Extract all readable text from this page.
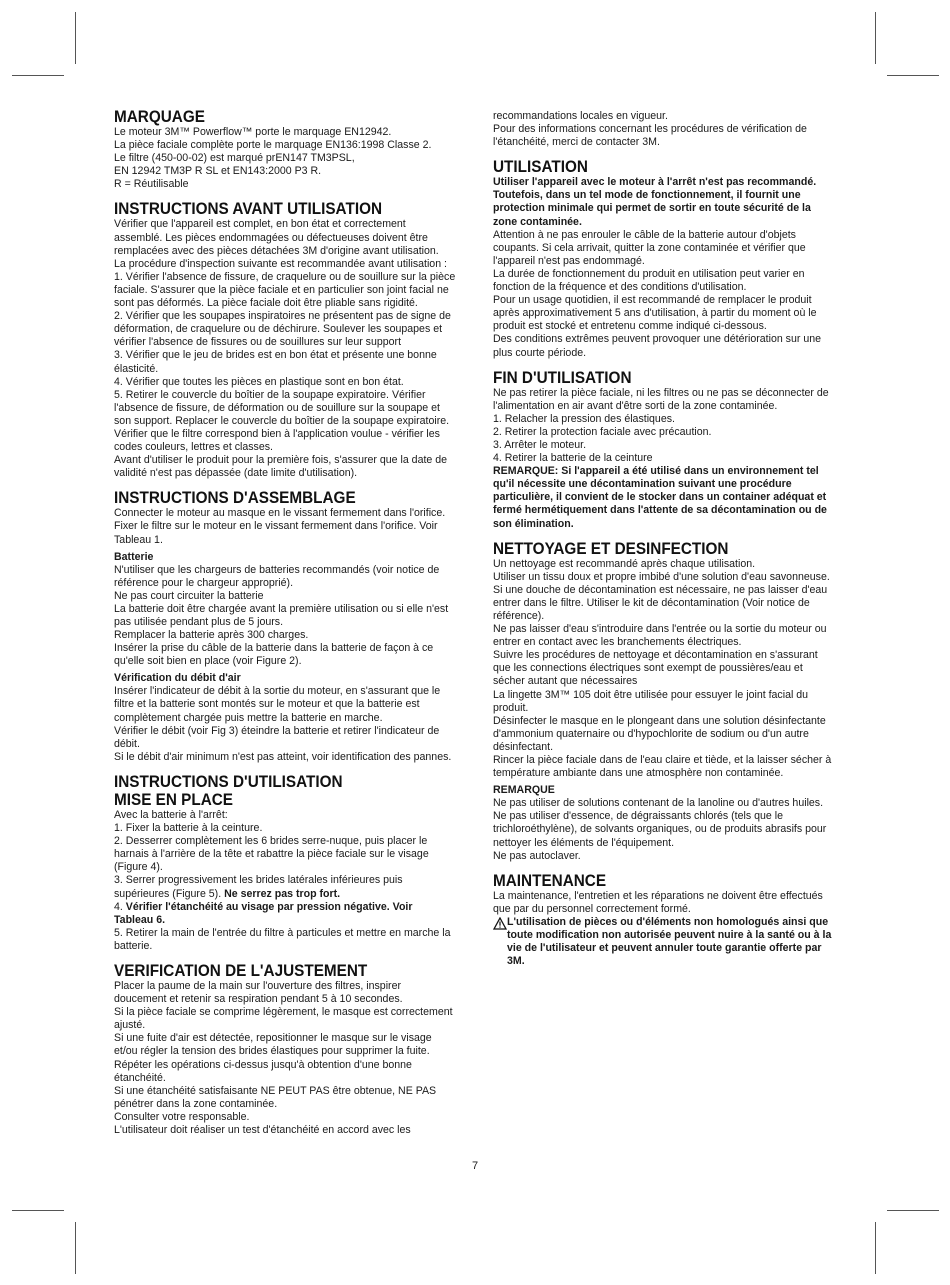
MARQUAGE

Le moteur 3M™ Powerflow™ porte le marquage EN12942.

La pièce faciale complète porte le marquage EN136:1998 Classe 2.

Le filtre (450-00-02) est marqué prEN147 TM3PSL,

EN 12942 TM3P R SL et EN143:2000 P3 R.

R = Réutilisable

INSTRUCTIONS AVANT UTILISATION

Vérifier que l'appareil est complet, en bon état et correctement

assemblé. Les pièces endommagées ou défectueuses doivent être

remplacées avec des pièces détachées 3M d'origine avant utilisation.

La procédure d'inspection suivante est recommandée avant utilisation :

1. Vérifier l'absence de fissure, de craquelure ou de souillure sur la pièce

faciale. S'assurer que la pièce faciale et en particulier son joint facial ne

sont pas déformés. La pièce faciale doit être pliable sans rigidité.

2. Vérifier que les soupapes inspiratoires ne présentent pas de signe de

déformation, de craquelure ou de déchirure. Soulever les soupapes et

vérifier l'absence de fissures ou de souillures sur leur support

3. Vérifier que le jeu de brides est en bon état et présente une bonne

élasticité.

4. Vérifier que toutes les pièces en plastique sont en bon état.

5. Retirer le couvercle du boîtier de la soupape expiratoire. Vérifier

l'absence de fissure, de déformation ou de souillure sur la soupape et

son support. Replacer le couvercle du boîtier de la soupape expiratoire.

Vérifier que le filtre correspond bien à l'application voulue - vérifier les

codes couleurs, lettres et classes.

Avant d'utiliser le produit pour la première fois, s'assurer que la date de

validité n'est pas dépassée (date limite d'utilisation).

INSTRUCTIONS D'ASSEMBLAGE

Connecter le moteur au masque en le vissant fermement dans l'orifice.

Fixer le filtre sur le moteur en le vissant fermement dans l'orifice. Voir

Tableau 1.

Batterie

N'utiliser que les chargeurs de batteries recommandés (voir notice de

référence pour le chargeur approprié).

Ne pas court circuiter la batterie

La batterie doit être chargée avant la première utilisation ou si elle n'est

pas utilisée pendant plus de 5 jours.

Remplacer la batterie après 300 charges.

Insérer la prise du câble de la batterie dans la batterie de façon à ce

qu'elle soit bien en place (voir Figure 2).

Vérification du débit d'air

Insérer l'indicateur de débit à la sortie du moteur, en s'assurant que le

filtre et la batterie sont montés sur le moteur et que la batterie est

complètement chargée puis mettre la batterie en marche.

Vérifier le débit (voir Fig 3) éteindre la batterie et retirer l'indicateur de

débit.

Si le débit d'air minimum n'est pas atteint, voir identification des pannes.

INSTRUCTIONS D'UTILISATION
MISE EN PLACE

Avec la batterie à l'arrêt:

1. Fixer la batterie à la ceinture.

2. Desserrer complètement les 6 brides serre-nuque, puis placer le

harnais à l'arrière de la tête et rabattre la pièce faciale sur le visage

(Figure 4).

3. Serrer progressivement les brides latérales inférieures puis

supérieures (Figure 5). Ne serrez pas trop fort.

4. Vérifier l'étanchéité au visage par pression négative. Voir

Tableau 6.

5. Retirer la main de l'entrée du filtre à particules et mettre en marche la

batterie.

VERIFICATION DE L'AJUSTEMENT

Placer la paume de la main sur l'ouverture des filtres, inspirer

doucement et retenir sa respiration pendant 5 à 10 secondes.

Si la pièce faciale se comprime légèrement, le masque est correctement

ajusté.

Si une fuite d'air est détectée, repositionner le masque sur le visage

et/ou régler la tension des brides élastiques pour supprimer la fuite.

Répéter les opérations ci-dessus jusqu'à obtention d'une bonne

étanchéité.

Si une étanchéité satisfaisante NE PEUT PAS être obtenue, NE PAS

pénétrer dans la zone contaminée.

Consulter votre responsable.

L'utilisateur doit réaliser un test d'étanchéité en accord avec les

recommandations locales en vigueur.

Pour des informations concernant les procédures de vérification de

l'étanchéité, merci de contacter 3M.

UTILISATION

Utiliser l'appareil avec le moteur à l'arrêt n'est pas recommandé.

Toutefois, dans un tel mode de fonctionnement, il fournit une

protection minimale qui permet de sortir en toute sécurité de la

zone contaminée.

Attention à ne pas enrouler le câble de la batterie autour d'objets

coupants. Si cela arrivait, quitter la zone contaminée et vérifier que

l'appareil n'est pas endommagé.

La durée de fonctionnement du produit en utilisation peut varier en

fonction de la fréquence et des conditions d'utilisation.

Pour un usage quotidien, il est recommandé de remplacer le produit

après approximativement 5 ans d'utilisation, à partir du moment où le

produit est stocké et entretenu comme indiqué ci-dessous.

Des conditions extrêmes peuvent provoquer une détérioration sur une

plus courte période.

FIN D'UTILISATION

Ne pas retirer la pièce faciale, ni les filtres ou ne pas se déconnecter de

l'alimentation en air avant d'être sorti de la zone contaminée.

1. Relacher la pression des élastiques.

2. Retirer la protection faciale avec précaution.

3. Arrêter le moteur.

4. Retirer la batterie de la ceinture

REMARQUE: Si l'appareil a été utilisé dans un environnement tel

qu'il nécessite une décontamination suivant une procédure

particulière, il convient de le stocker dans un container adéquat et

fermé hermétiquement dans l'attente de sa décontamination ou de

son élimination.

NETTOYAGE ET DESINFECTION

Un nettoyage est recommandé après chaque utilisation.

Utiliser un tissu doux et propre imbibé d'une solution d'eau savonneuse.

Si une douche de décontamination est nécessaire, ne pas laisser d'eau

entrer dans le filtre. Utiliser le kit de décontamination (Voir notice de

référence).

Ne pas laisser d'eau s'introduire dans l'entrée ou la sortie du moteur ou

entrer en contact avec les branchements électriques.

Suivre les procédures de nettoyage et décontamination en s'assurant

que les connections électriques sont exempt de poussières/eau et

sécher autant que nécessaires

La lingette 3M™ 105 doit être utilisée pour essuyer le joint facial du

produit.

Désinfecter le masque en le plongeant dans une solution désinfectante

d'ammonium quaternaire ou d'hypochlorite de sodium ou d'un autre

désinfectant.

Rincer la pièce faciale dans de l'eau claire et tiède, et la laisser sécher à

température ambiante dans une atmosphère non contaminée.

REMARQUE

Ne pas utiliser de solutions contenant de la lanoline ou d'autres huiles.

Ne pas utiliser d'essence, de dégraissants chlorés (tels que le

trichloroéthylène), de solvants organiques, ou de produits abrasifs pour

nettoyer les éléments de l'équipement.

Ne pas autoclaver.

MAINTENANCE

La maintenance, l'entretien et les réparations ne doivent être effectués

que par du personnel correctement formé.

L'utilisation de pièces ou d'éléments non homologués ainsi que

toute modification non autorisée peuvent nuire à la santé ou à la

vie de l'utilisateur et peuvent annuler toute garantie offerte par

3M.

7
